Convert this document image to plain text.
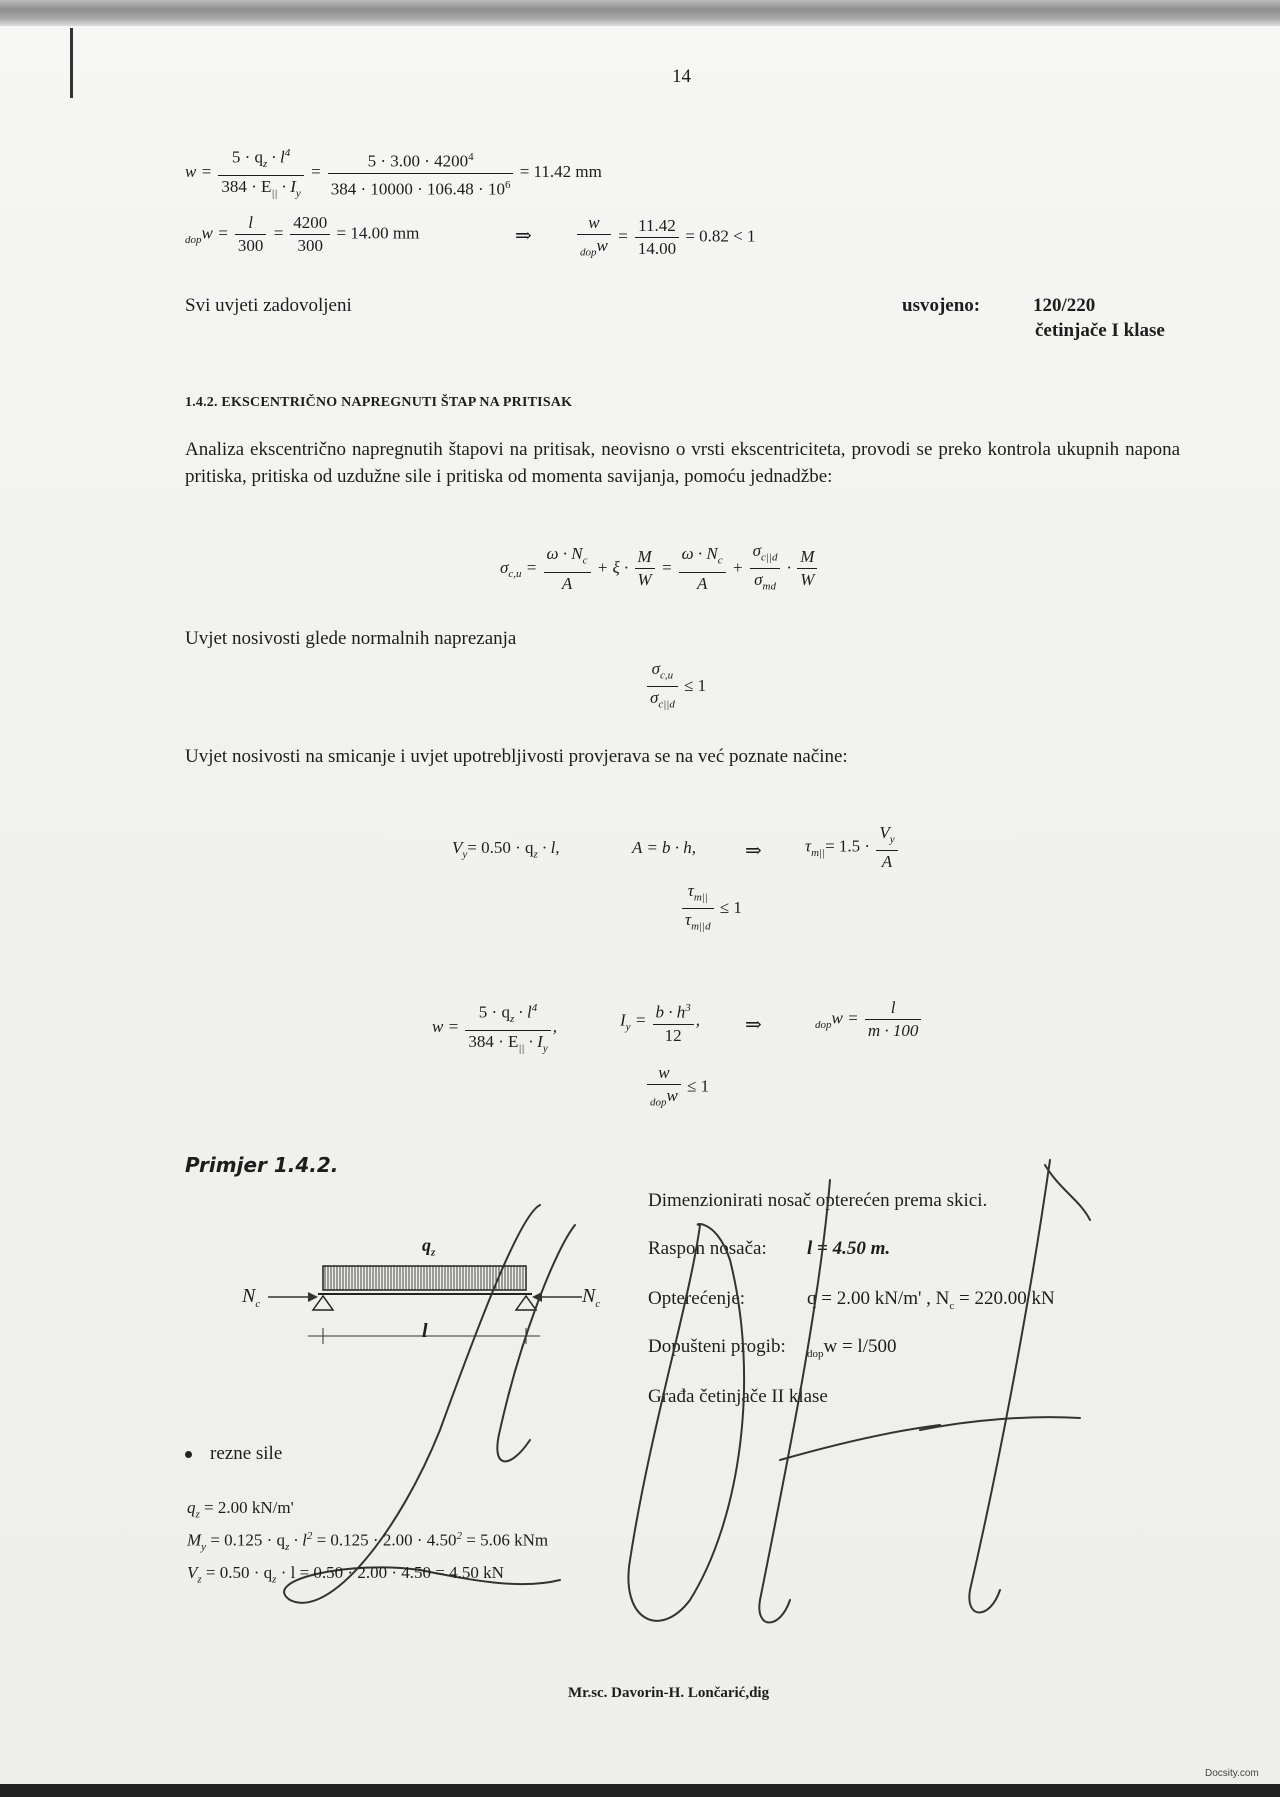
14
$w = \frac{5 \cdot q_z \cdot l^4}{384 \cdot E_{||} \cdot I_y} = \frac{5 \cdot 3.00 \cdot 4200^4}{384 \cdot 10000 \cdot 106.48 \cdot 10^6} = 11.42$ mm
$_{dop}w = \frac{l}{300} = \frac{4200}{300} = 14.00$ mm	⇒	$\frac{w}{_{dop}w} = \frac{11.42}{14.00} = 0.82 < 1$
Svi uvjeti zadovoljeni	usvojeno:	120/220
četinjače I klase
1.4.2. EKSCENTRIČNO NAPREGNUTI ŠTAP NA PRITISAK
Analiza ekscentrično napregnutih štapovi na pritisak, neovisno o vrsti ekscentriciteta, provodi se preko kontrola ukupnih napona pritiska, pritiska od uzdužne sile i pritiska od momenta savijanja, pomoću jednadžbe:
$\sigma_{c,u} = \frac{\omega \cdot N_c}{A} + \xi \cdot \frac{M}{W} = \frac{\omega \cdot N_c}{A} + \frac{\sigma_{c||d}}{\sigma_{md}} \cdot \frac{M}{W}$
Uvjet nosivosti glede normalnih naprezanja
$\frac{\sigma_{c,u}}{\sigma_{c||d}} \le 1$
Uvjet nosivosti na smicanje i uvjet upotrebljivosti provjerava se na već poznate načine:
$V_y= 0.50 \cdot q_z \cdot l$,	A = b · h, ⇒	$\tau_{m||}= 1.5 \cdot \frac{V_y}{A}$
$\frac{\tau_{m||}}{\tau_{m||d}} \le 1$
$w = \frac{5 \cdot q_z \cdot l^4}{384 \cdot E_{||} \cdot I_y}$ ,	$I_y = \frac{b \cdot h^3}{12}$ , ⇒	$_{dop}w = \frac{l}{m \cdot 100}$
$\frac{w}{_{dop}w} \le 1$
Primjer 1.4.2.
Dimenzionirati nosač opterećen prema skici.
Raspon nosača: l = 4.50 m.
Opterećenje:	q = 2.00 kN/m' , $N_c = 220.00$ kN
Dopušteni progib: $_{dop}$w = l/500
Građa četinjače II klase
$q_z$
$N_c$	$N_c$
l
rezne sile
$q_z = 2.00$ kN/m'
$M_y = 0.125 \cdot q_z \cdot l^2 = 0.125 \cdot 2.00 \cdot 4.50^2 = 5.06$ kNm
$V_z = 0.50 \cdot q_z \cdot l = 0.50 \cdot 2.00 \cdot 4.50 = 4.50$ kN
Mr.sc. Davorin-H. Lončarić,dig
Docsity.com
